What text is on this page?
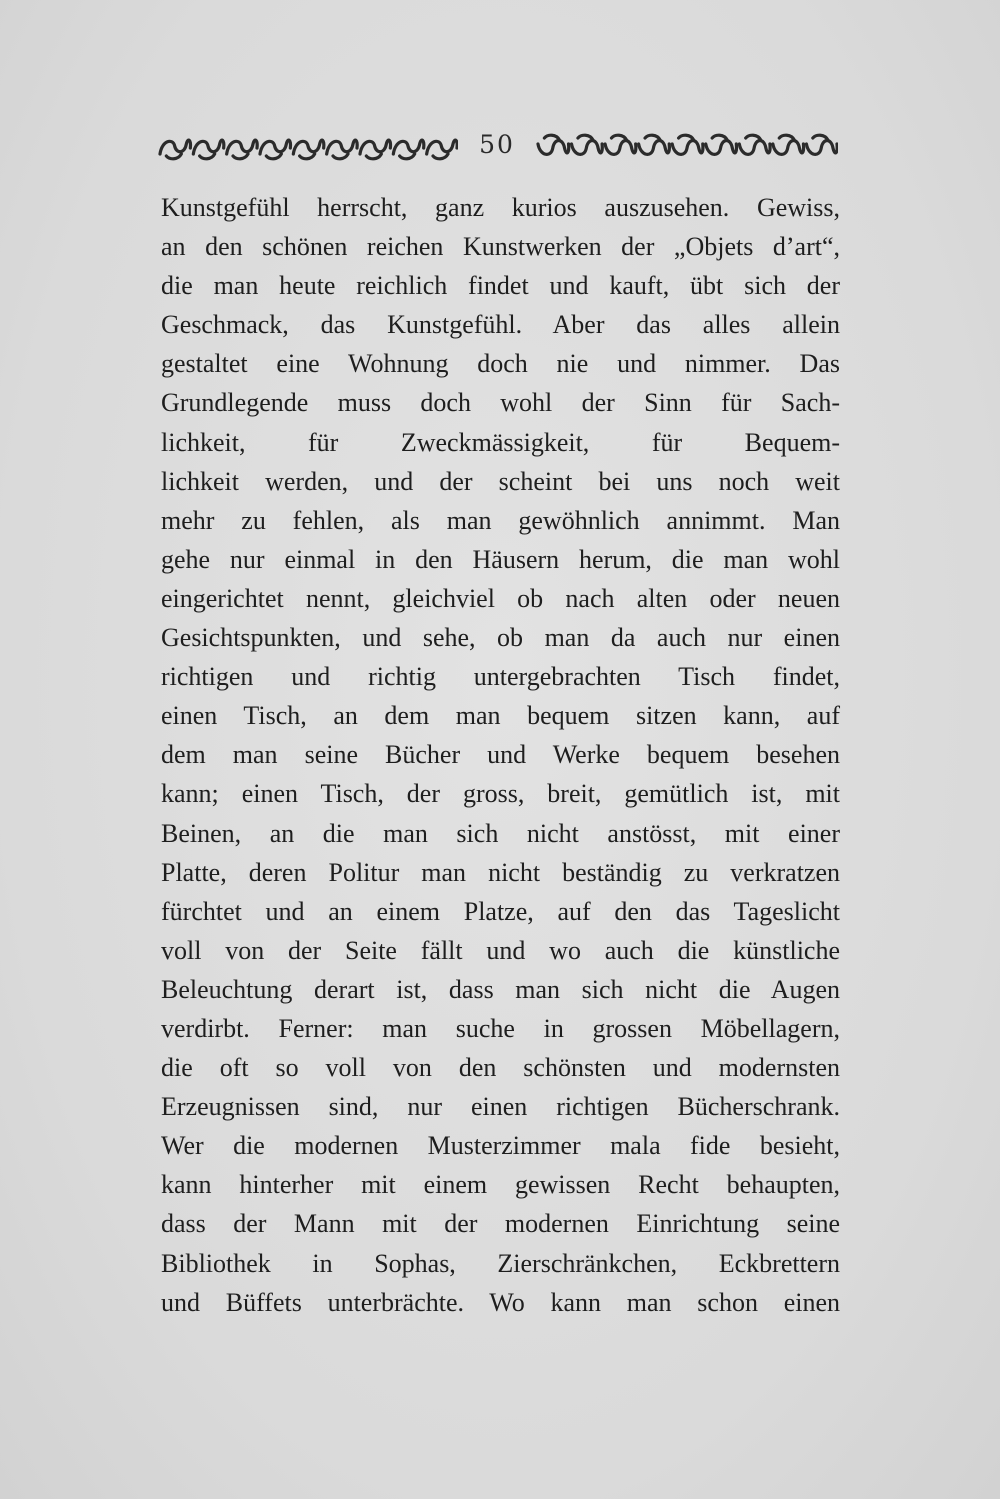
50
Kunstgefühl herrscht, ganz kurios auszusehen. Gewiss,
an den schönen reichen Kunstwerken der „Objets d’art“,
die man heute reichlich findet und kauft, übt sich der
Geschmack, das Kunstgefühl. Aber das alles allein
gestaltet eine Wohnung doch nie und nimmer. Das
Grundlegende muss doch wohl der Sinn für Sach-
lichkeit, für Zweckmässigkeit, für Bequem-
lichkeit werden, und der scheint bei uns noch weit
mehr zu fehlen, als man gewöhnlich annimmt. Man
gehe nur einmal in den Häusern herum, die man wohl
eingerichtet nennt, gleichviel ob nach alten oder neuen
Gesichtspunkten, und sehe, ob man da auch nur einen
richtigen und richtig untergebrachten Tisch findet,
einen Tisch, an dem man bequem sitzen kann, auf
dem man seine Bücher und Werke bequem besehen
kann; einen Tisch, der gross, breit, gemütlich ist, mit
Beinen, an die man sich nicht anstösst, mit einer
Platte, deren Politur man nicht beständig zu verkratzen
fürchtet und an einem Platze, auf den das Tageslicht
voll von der Seite fällt und wo auch die künstliche
Beleuchtung derart ist, dass man sich nicht die Augen
verdirbt. Ferner: man suche in grossen Möbellagern,
die oft so voll von den schönsten und modernsten
Erzeugnissen sind, nur einen richtigen Bücherschrank.
Wer die modernen Musterzimmer mala fide besieht,
kann hinterher mit einem gewissen Recht behaupten,
dass der Mann mit der modernen Einrichtung seine
Bibliothek in Sophas, Zierschränkchen, Eckbrettern
und Büffets unterbrächte. Wo kann man schon einen
